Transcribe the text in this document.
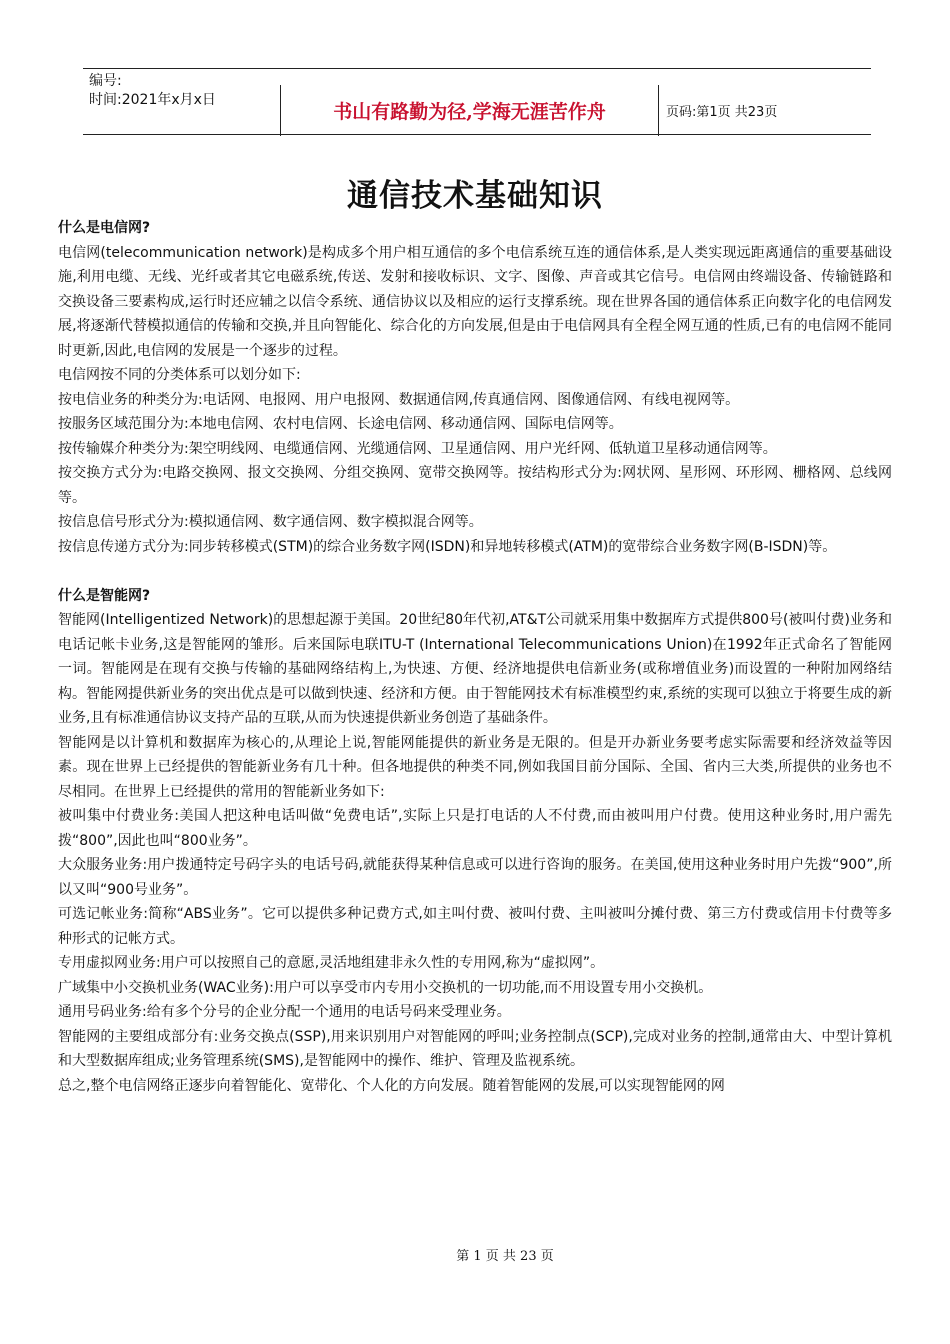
编号:
时间:2021年x月x日
书山有路勤为径,学海无涯苦作舟	页码:第1页 共23页
通信技术基础知识
什么是电信网?

电信网(telecommunication network)是构成多个用户相互通信的多个电信系统互连的通信体系,是人类实现远距离通信的重要基础设施,利用电缆、无线、光纤或者其它电磁系统,传送、发射和接收标识、文字、图像、声音或其它信号。电信网由终端设备、传输链路和交换设备三要素构成,运行时还应辅之以信令系统、通信协议以及相应的运行支撑系统。现在世界各国的通信体系正向数字化的电信网发展,将逐渐代替模拟通信的传输和交换,并且向智能化、综合化的方向发展,但是由于电信网具有全程全网互通的性质,已有的电信网不能同时更新,因此,电信网的发展是一个逐步的过程。

电信网按不同的分类体系可以划分如下:

按电信业务的种类分为:电话网、电报网、用户电报网、数据通信网,传真通信网、图像通信网、有线电视网等。

按服务区域范围分为:本地电信网、农村电信网、长途电信网、移动通信网、国际电信网等。

按传输媒介种类分为:架空明线网、电缆通信网、光缆通信网、卫星通信网、用户光纤网、低轨道卫星移动通信网等。

按交换方式分为:电路交换网、报文交换网、分组交换网、宽带交换网等。按结构形式分为:网状网、星形网、环形网、栅格网、总线网等。

按信息信号形式分为:模拟通信网、数字通信网、数字模拟混合网等。

按信息传递方式分为:同步转移模式(STM)的综合业务数字网(ISDN)和异地转移模式(ATM)的宽带综合业务数字网(B-ISDN)等。

什么是智能网?

智能网(Intelligentized Network)的思想起源于美国。20世纪80年代初,AT&T公司就采用集中数据库方式提供800号(被叫付费)业务和电话记帐卡业务,这是智能网的雏形。后来国际电联ITU-T (International Telecommunications Union)在1992年正式命名了智能网一词。智能网是在现有交换与传输的基础网络结构上,为快速、方便、经济地提供电信新业务(或称增值业务)而设置的一种附加网络结构。智能网提供新业务的突出优点是可以做到快速、经济和方便。由于智能网技术有标准模型约束,系统的实现可以独立于将要生成的新业务,且有标准通信协议支持产品的互联,从而为快速提供新业务创造了基础条件。

智能网是以计算机和数据库为核心的,从理论上说,智能网能提供的新业务是无限的。但是开办新业务要考虑实际需要和经济效益等因素。现在世界上已经提供的智能新业务有几十种。但各地提供的种类不同,例如我国目前分国际、全国、省内三大类,所提供的业务也不尽相同。在世界上已经提供的常用的智能新业务如下:

被叫集中付费业务:美国人把这种电话叫做“免费电话”,实际上只是打电话的人不付费,而由被叫用户付费。使用这种业务时,用户需先拨“800”,因此也叫“800业务”。

大众服务业务:用户拨通特定号码字头的电话号码,就能获得某种信息或可以进行咨询的服务。在美国,使用这种业务时用户先拨“900”,所以又叫“900号业务”。

可选记帐业务:简称“ABS业务”。它可以提供多种记费方式,如主叫付费、被叫付费、主叫被叫分摊付费、第三方付费或信用卡付费等多种形式的记帐方式。

专用虚拟网业务:用户可以按照自己的意愿,灵活地组建非永久性的专用网,称为“虚拟网”。

广域集中小交换机业务(WAC业务):用户可以享受市内专用小交换机的一切功能,而不用设置专用小交换机。

通用号码业务:给有多个分号的企业分配一个通用的电话号码来受理业务。

智能网的主要组成部分有:业务交换点(SSP),用来识别用户对智能网的呼叫;业务控制点(SCP),完成对业务的控制,通常由大、中型计算机和大型数据库组成;业务管理系统(SMS),是智能网中的操作、维护、管理及监视系统。

总之,整个电信网络正逐步向着智能化、宽带化、个人化的方向发展。随着智能网的发展,可以实现智能网的网

第 1 页 共 23 页
